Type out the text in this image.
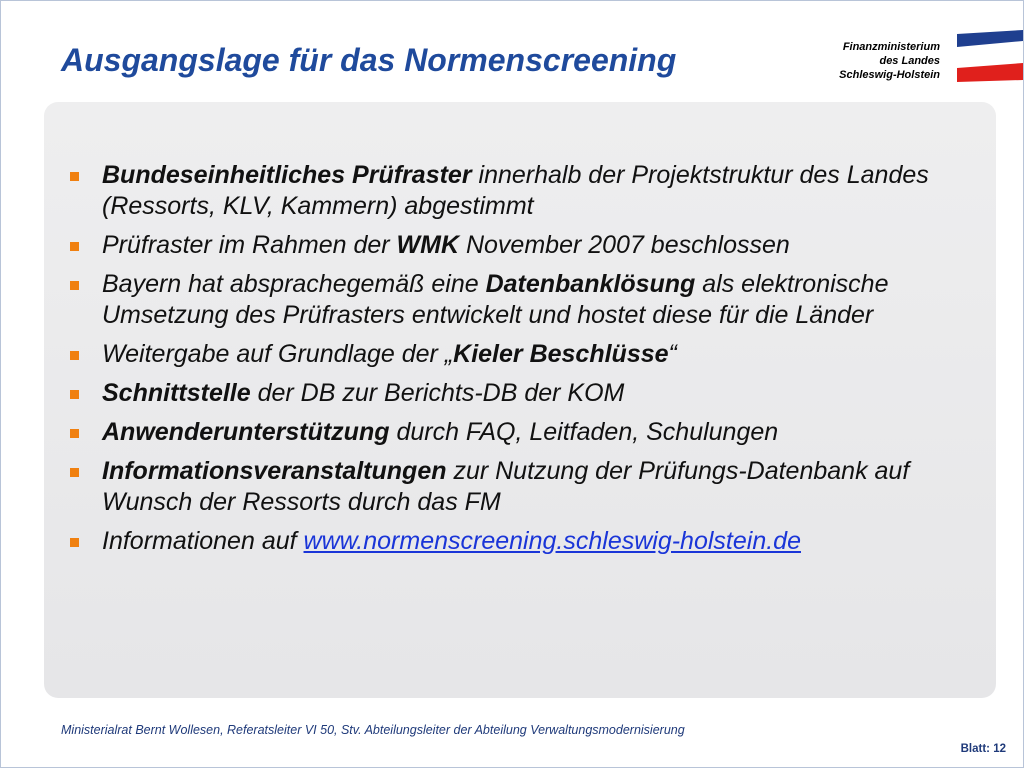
Ausgangslage für das Normenscreening	Finanzministerium
des Landes
Schleswig-Holstein
Bundeseinheitliches Prüfraster innerhalb der Projektstruktur des Landes (Ressorts, KLV, Kammern) abgestimmt
Prüfraster im Rahmen der WMK November 2007 beschlossen
Bayern hat absprachegemäß eine Datenbanklösung als elektronische Umsetzung des Prüfrasters entwickelt und hostet diese für die Länder
Weitergabe auf Grundlage der „Kieler Beschlüsse“
Schnittstelle der DB zur Berichts-DB der KOM
Anwenderunterstützung durch FAQ, Leitfaden, Schulungen
Informationsveranstaltungen zur Nutzung der Prüfungs-Datenbank auf Wunsch der Ressorts durch das FM
Informationen auf www.normenscreening.schleswig-holstein.de
Ministerialrat Bernt Wollesen, Referatsleiter VI 50, Stv. Abteilungsleiter der Abteilung Verwaltungsmodernisierung
Blatt: 12
